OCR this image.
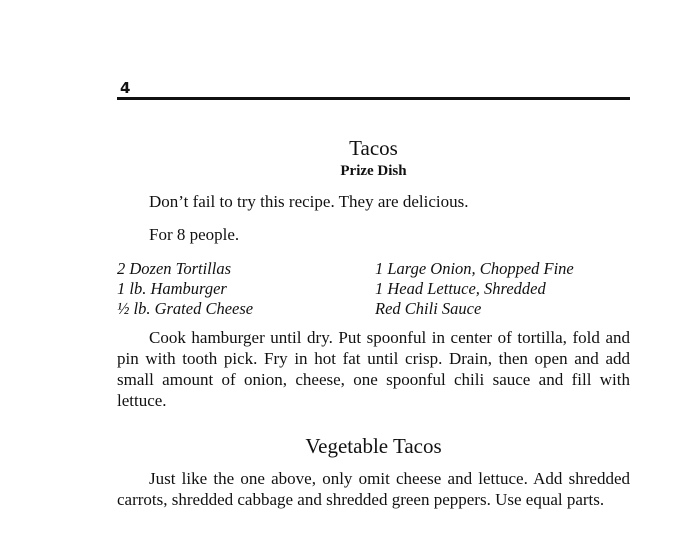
4
Tacos
Prize Dish
Don’t fail to try this recipe. They are delicious.
For 8 people.
2 Dozen Tortillas
1 lb. Hamburger
½ lb. Grated Cheese
1 Large Onion, Chopped Fine
1 Head Lettuce, Shredded
Red Chili Sauce
Cook hamburger until dry. Put spoonful in center of tortilla, fold and pin with tooth pick. Fry in hot fat until crisp. Drain, then open and add small amount of onion, cheese, one spoonful chili sauce and fill with lettuce.
Vegetable Tacos
Just like the one above, only omit cheese and lettuce. Add shredded carrots, shredded cabbage and shredded green peppers. Use equal parts.
